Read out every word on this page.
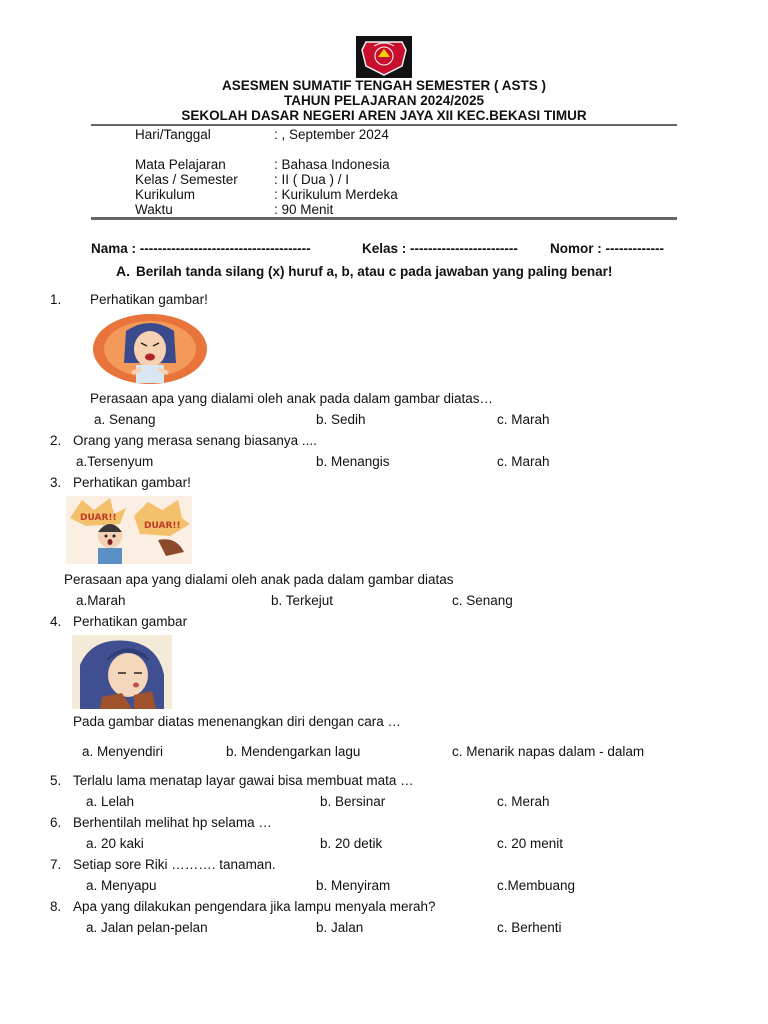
ASESMEN SUMATIF TENGAH SEMESTER ( ASTS )
TAHUN PELAJARAN 2024/2025
SEKOLAH DASAR NEGERI AREN JAYA XII KEC.BEKASI TIMUR
Hari/Tanggal	: , September 2024
Mata Pelajaran	: Bahasa Indonesia
Kelas / Semester	: II ( Dua ) / I
Kurikulum	: Kurikulum Merdeka
Waktu	: 90 Menit
Nama : --------------------------------------	Kelas : ------------------------ Nomor : -------------
A. Berilah tanda silang (x) huruf a, b, atau c pada jawaban yang paling benar!
1. Perhatikan gambar!
Perasaan apa yang dialami oleh anak pada dalam gambar diatas…
a. Senang	b. Sedih	c. Marah
2. Orang yang merasa senang biasanya ....
a.Tersenyum	b. Menangis	c. Marah
3. Perhatikan gambar!
DUAR!!
DUAR!!
Perasaan apa yang dialami oleh anak pada dalam gambar diatas
a.Marah	b. Terkejut	c. Senang
4. Perhatikan gambar
Pada gambar diatas menenangkan diri dengan cara …
a. Menyendiri	b. Mendengarkan lagu	c. Menarik napas dalam - dalam
5. Terlalu lama menatap layar gawai bisa membuat mata …
a. Lelah	b. Bersinar	c. Merah
6. Berhentilah melihat hp selama …
a. 20 kaki	b. 20 detik	c. 20 menit
7. Setiap sore Riki ………. tanaman.
a. Menyapu	b. Menyiram	c.Membuang
8. Apa yang dilakukan pengendara jika lampu menyala merah?
a. Jalan pelan-pelan	b. Jalan	c. Berhenti
